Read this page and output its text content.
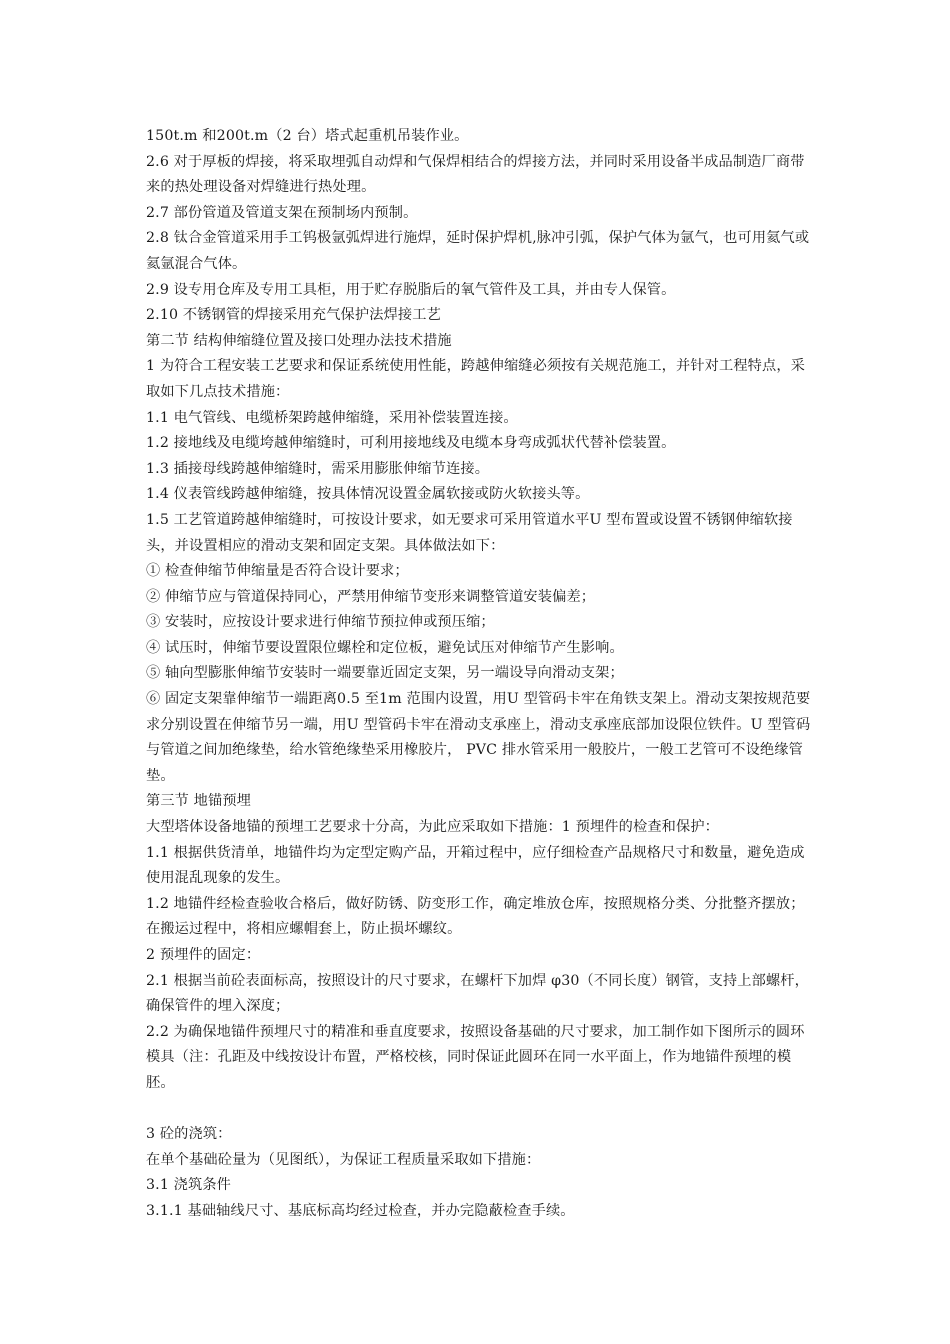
150t.m 和200t.m（2 台）塔式起重机吊装作业。
2.6 对于厚板的焊接，将采取埋弧自动焊和气保焊相结合的焊接方法，并同时采用设备半成品制造厂商带来的热处理设备对焊缝进行热处理。
2.7 部份管道及管道支架在预制场内预制。
2.8 钛合金管道采用手工钨极氩弧焊进行施焊，延时保护焊机,脉冲引弧，保护气体为氩气，也可用氦气或氦氩混合气体。
2.9 设专用仓库及专用工具柜，用于贮存脱脂后的氧气管件及工具，并由专人保管。
2.10 不锈钢管的焊接采用充气保护法焊接工艺
第二节 结构伸缩缝位置及接口处理办法技术措施
1 为符合工程安装工艺要求和保证系统使用性能，跨越伸缩缝必须按有关规范施工，并针对工程特点，采取如下几点技术措施：
1.1 电气管线、电缆桥架跨越伸缩缝，采用补偿装置连接。
1.2 接地线及电缆垮越伸缩缝时，可利用接地线及电缆本身弯成弧状代替补偿装置。
1.3 插接母线跨越伸缩缝时，需采用膨胀伸缩节连接。
1.4 仪表管线跨越伸缩缝，按具体情况设置金属软接或防火软接头等。
1.5 工艺管道跨越伸缩缝时，可按设计要求，如无要求可采用管道水平U 型布置或设置不锈钢伸缩软接头，并设置相应的滑动支架和固定支架。具体做法如下：
① 检查伸缩节伸缩量是否符合设计要求；
② 伸缩节应与管道保持同心，严禁用伸缩节变形来调整管道安装偏差；
③ 安装时，应按设计要求进行伸缩节预拉伸或预压缩；
④ 试压时，伸缩节要设置限位螺栓和定位板，避免试压对伸缩节产生影响。
⑤ 轴向型膨胀伸缩节安装时一端要靠近固定支架，另一端设导向滑动支架；
⑥ 固定支架靠伸缩节一端距离0.5 至1m 范围内设置，用U 型管码卡牢在角铁支架上。滑动支架按规范要求分别设置在伸缩节另一端，用U 型管码卡牢在滑动支承座上，滑动支承座底部加设限位铁件。U 型管码与管道之间加绝缘垫，给水管绝缘垫采用橡胶片， PVC 排水管采用一般胶片，一般工艺管可不设绝缘管垫。
第三节 地锚预埋
大型塔体设备地锚的预埋工艺要求十分高，为此应采取如下措施：1 预埋件的检查和保护：
1.1 根据供货清单，地锚件均为定型定购产品，开箱过程中，应仔细检查产品规格尺寸和数量，避免造成使用混乱现象的发生。
1.2 地锚件经检查验收合格后，做好防锈、防变形工作，确定堆放仓库，按照规格分类、分批整齐摆放；在搬运过程中，将相应螺帽套上，防止损坏螺纹。
2 预埋件的固定：
2.1 根据当前砼表面标高，按照设计的尺寸要求，在螺杆下加焊 φ30（不同长度）钢管，支持上部螺杆，确保管件的埋入深度；
2.2 为确保地锚件预埋尺寸的精准和垂直度要求，按照设备基础的尺寸要求，加工制作如下图所示的圆环模具（注：孔距及中线按设计布置，严格校核，同时保证此圆环在同一水平面上，作为地锚件预埋的模胚。
3 砼的浇筑：
在单个基础砼量为（见图纸），为保证工程质量采取如下措施：
3.1 浇筑条件
3.1.1 基础轴线尺寸、基底标高均经过检查，并办完隐蔽检查手续。
